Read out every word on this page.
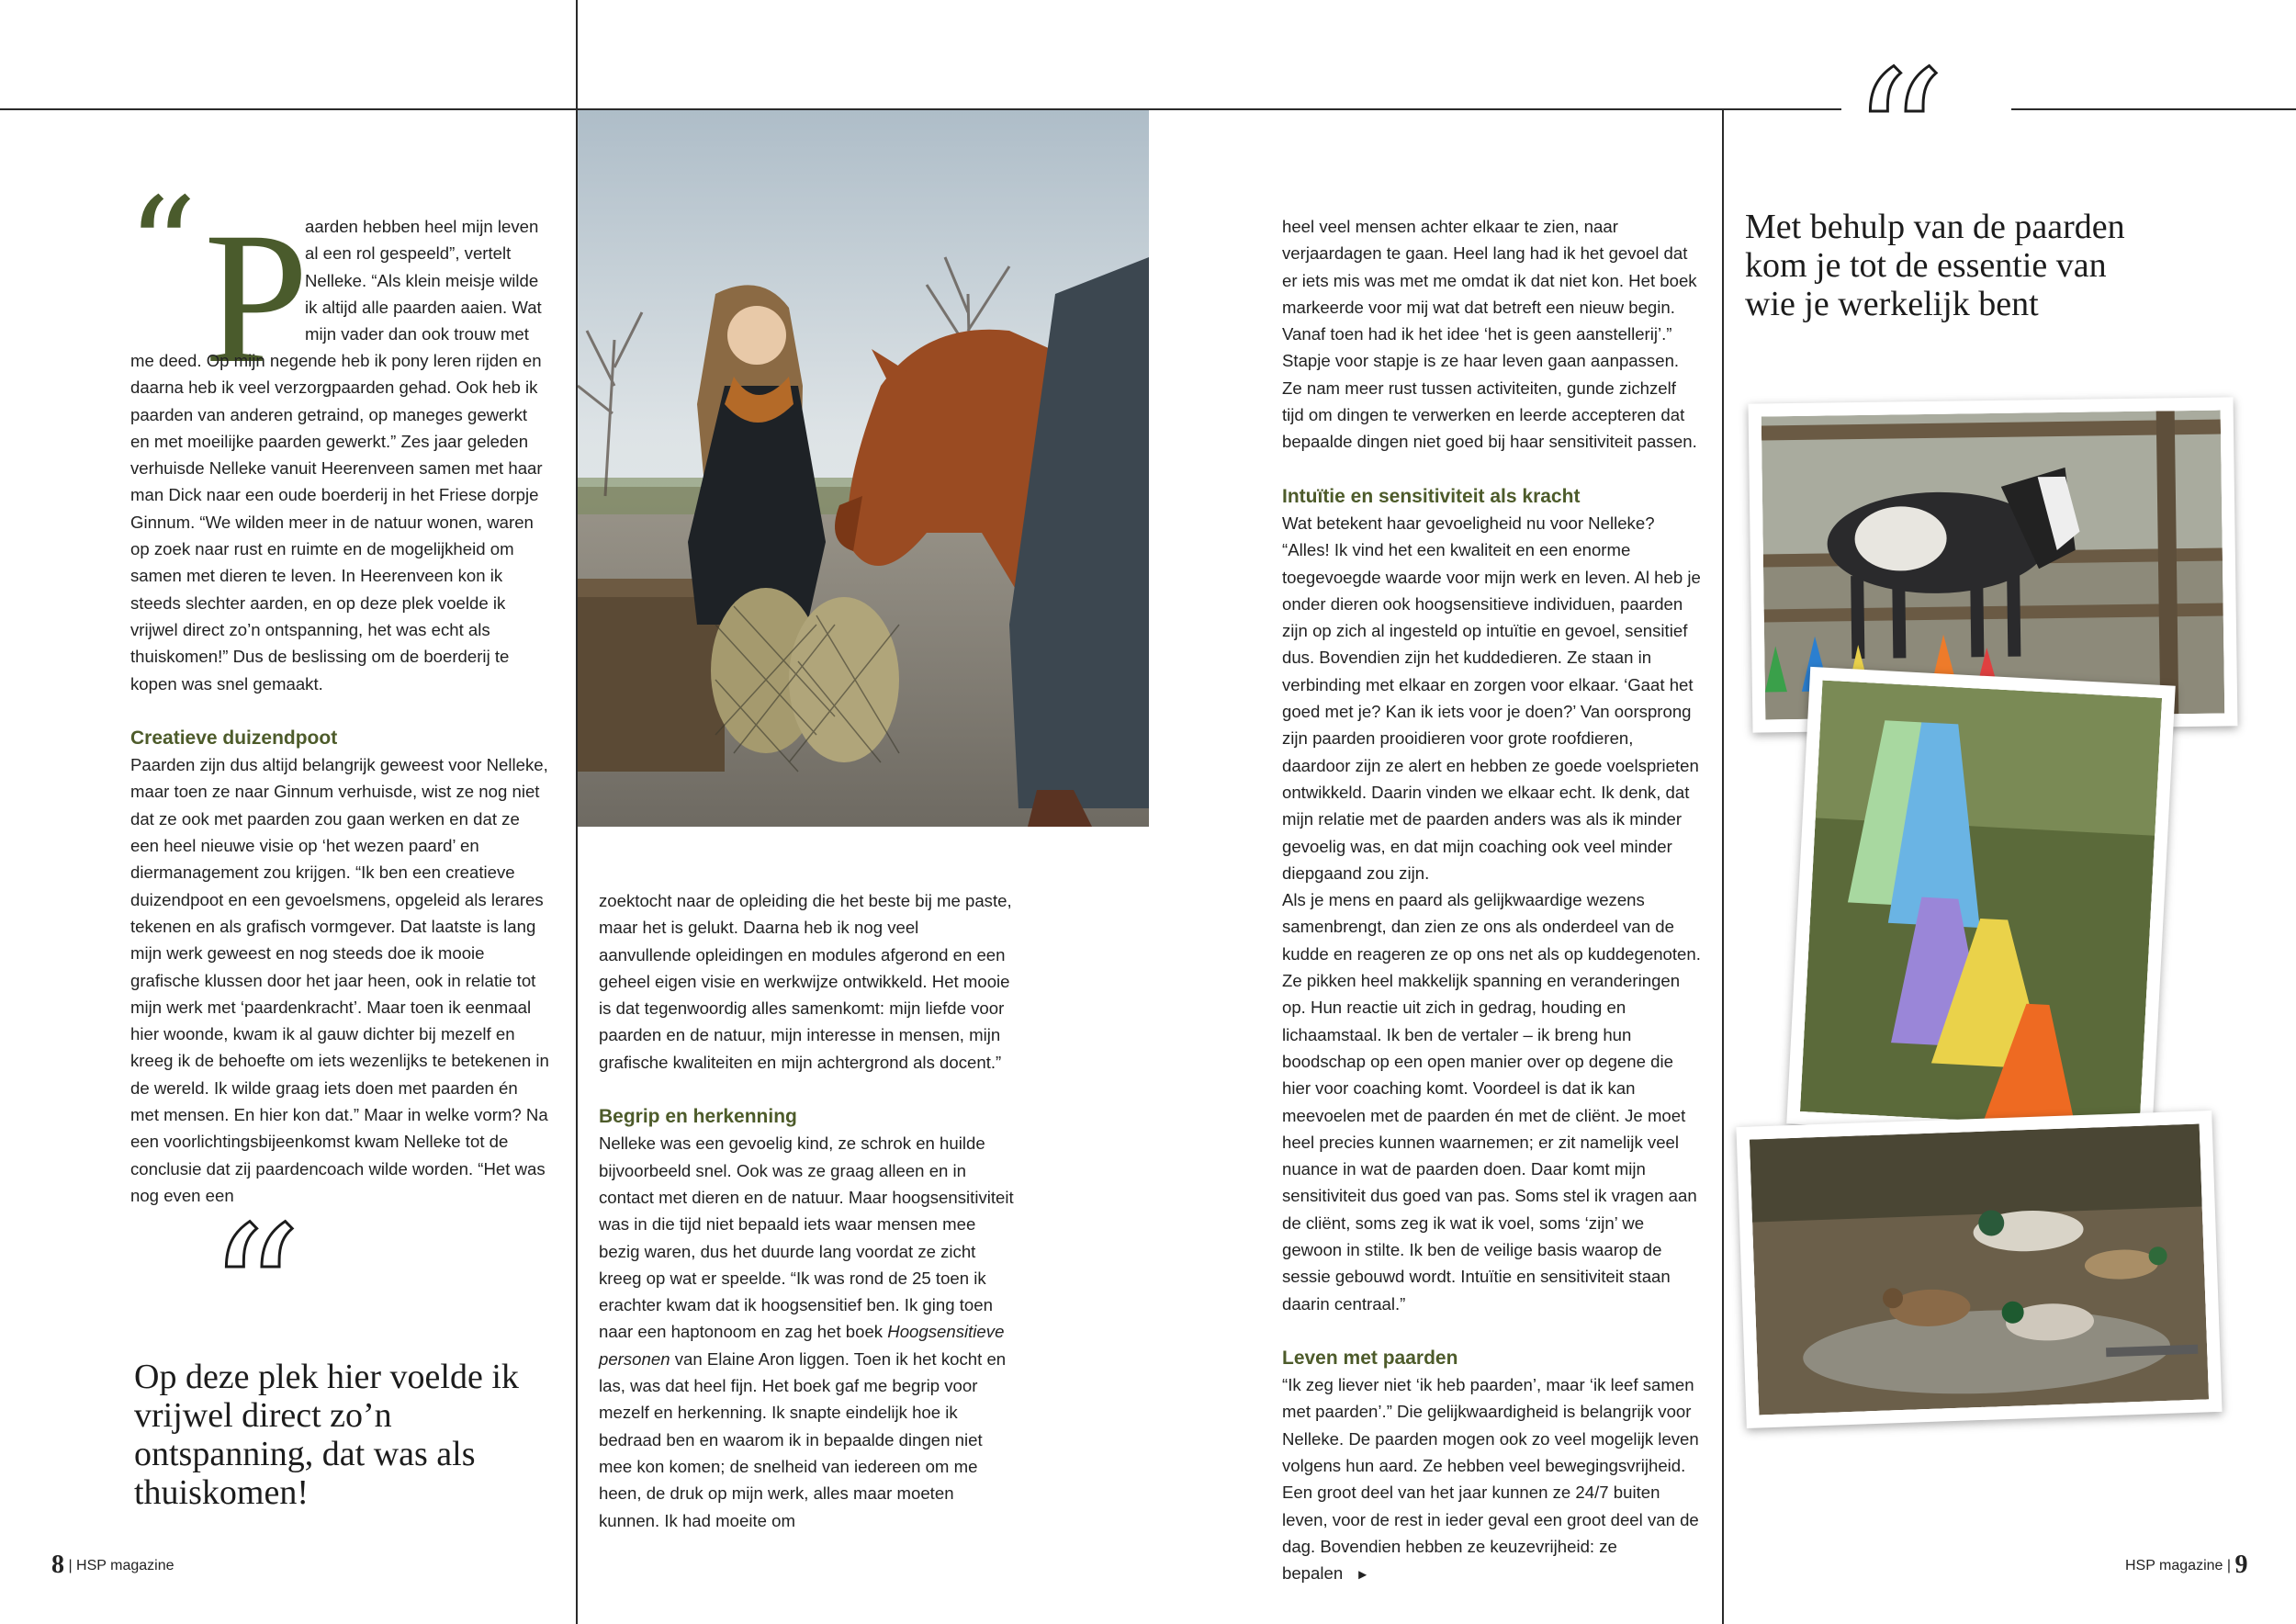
“ P
aarden hebben heel mijn leven
al een rol gespeeld”, vertelt
Nelleke. “Als klein meisje wilde
ik altijd alle paarden aaien. Wat
mijn vader dan ook trouw met

me deed. Op mijn negende heb ik pony leren rijden en daarna heb ik veel verzorgpaarden gehad. Ook heb ik paarden van anderen getraind, op maneges gewerkt en met moeilijke paarden gewerkt.” Zes jaar geleden verhuisde Nelleke vanuit Heerenveen samen met haar man Dick naar een oude boerderij in het Friese dorpje Ginnum. “We wilden meer in de natuur wonen, waren op zoek naar rust en ruimte en de mogelijkheid om samen met dieren te leven. In Heerenveen kon ik steeds slechter aarden, en op deze plek voelde ik vrijwel direct zo’n ontspanning, het was echt als thuiskomen!” Dus de beslissing om de boerderij te kopen was snel gemaakt.

Creatieve duizendpoot

Paarden zijn dus altijd belangrijk geweest voor Nelleke, maar toen ze naar Ginnum verhuisde, wist ze nog niet dat ze ook met paarden zou gaan werken en dat ze een heel nieuwe visie op ‘het wezen paard’ en diermanagement zou krijgen. “Ik ben een creatieve duizendpoot en een gevoelsmens, opgeleid als lerares tekenen en als grafisch vormgever. Dat laatste is lang mijn werk geweest en nog steeds doe ik mooie grafische klussen door het jaar heen, ook in relatie tot mijn werk met ‘paardenkracht’. Maar toen ik eenmaal hier woonde, kwam ik al gauw dichter bij mezelf en kreeg ik de behoefte om iets wezenlijks te betekenen in de wereld. Ik wilde graag iets doen met paarden én met mensen. En hier kon dat.” Maar in welke vorm? Na een voorlichtingsbijeenkomst kwam Nelleke tot de conclusie dat zij paardencoach wilde worden. “Het was nog even een

“

Op deze plek hier voelde ik vrijwel direct zo’n ontspanning, dat was als thuiskomen!

8 | HSP magazine

zoektocht naar de opleiding die het beste bij me paste, maar het is gelukt. Daarna heb ik nog veel aanvullende opleidingen en modules afgerond en een geheel eigen visie en werkwijze ontwikkeld. Het mooie is dat tegenwoordig alles samenkomt: mijn liefde voor paarden en de natuur, mijn interesse in mensen, mijn grafische kwaliteiten en mijn achtergrond als docent.”

Begrip en herkenning

Nelleke was een gevoelig kind, ze schrok en huilde bijvoorbeeld snel. Ook was ze graag alleen en in contact met dieren en de natuur. Maar hoogsensitiviteit was in die tijd niet bepaald iets waar mensen mee bezig waren, dus het duurde lang voordat ze zicht kreeg op wat er speelde. “Ik was rond de 25 toen ik erachter kwam dat ik hoogsensitief ben. Ik ging toen naar een haptonoom en zag het boek Hoogsensitieve personen van Elaine Aron liggen. Toen ik het kocht en las, was dat heel fijn. Het boek gaf me begrip voor mezelf en herkenning. Ik snapte eindelijk hoe ik bedraad ben en waarom ik in bepaalde dingen niet mee kon komen; de snelheid van iedereen om me heen, de druk op mijn werk, alles maar moeten kunnen. Ik had moeite om

heel veel mensen achter elkaar te zien, naar verjaardagen te gaan. Heel lang had ik het gevoel dat er iets mis was met me omdat ik dat niet kon. Het boek markeerde voor mij wat dat betreft een nieuw begin. Vanaf toen had ik het idee ‘het is geen aanstellerij’.” Stapje voor stapje is ze haar leven gaan aanpassen. Ze nam meer rust tussen activiteiten, gunde zichzelf tijd om dingen te verwerken en leerde accepteren dat bepaalde dingen niet goed bij haar sensitiviteit passen.

Intuïtie en sensitiviteit als kracht

Wat betekent haar gevoeligheid nu voor Nelleke? “Alles! Ik vind het een kwaliteit en een enorme toegevoegde waarde voor mijn werk en leven. Al heb je onder dieren ook hoogsensitieve individuen, paarden zijn op zich al ingesteld op intuïtie en gevoel, sensitief dus. Bovendien zijn het kuddedieren. Ze staan in verbinding met elkaar en zorgen voor elkaar. ‘Gaat het goed met je? Kan ik iets voor je doen?’ Van oorsprong zijn paarden prooidieren voor grote roofdieren, daardoor zijn ze alert en hebben ze goede voelsprieten ontwikkeld. Daarin vinden we elkaar echt. Ik denk, dat mijn relatie met de paarden anders was als ik minder gevoelig was, en dat mijn coaching ook veel minder diepgaand zou zijn.

Als je mens en paard als gelijkwaardige wezens samenbrengt, dan zien ze ons als onderdeel van de kudde en reageren ze op ons net als op kuddegenoten. Ze pikken heel makkelijk spanning en veranderingen op. Hun reactie uit zich in gedrag, houding en lichaamstaal. Ik ben de vertaler – ik breng hun boodschap op een open manier over op degene die hier voor coaching komt. Voordeel is dat ik kan meevoelen met de paarden én met de cliënt. Je moet heel precies kunnen waarnemen; er zit namelijk veel nuance in wat de paarden doen. Daar komt mijn sensitiviteit dus goed van pas. Soms stel ik vragen aan de cliënt, soms zeg ik wat ik voel, soms ‘zijn’ we gewoon in stilte. Ik ben de veilige basis waarop de sessie gebouwd wordt. Intuïtie en sensitiviteit staan daarin centraal.”

Leven met paarden

“Ik zeg liever niet ‘ik heb paarden’, maar ‘ik leef samen met paarden’.” Die gelijkwaardigheid is belangrijk voor Nelleke. De paarden mogen ook zo veel mogelijk leven volgens hun aard. Ze hebben veel bewegingsvrijheid. Een groot deel van het jaar kunnen ze 24/7 buiten leven, voor de rest in ieder geval een groot deel van de dag. Bovendien hebben ze keuzevrijheid: ze bepalen ►

“

Met behulp van de paarden kom je tot de essentie van wie je werkelijk bent

HSP magazine | 9
